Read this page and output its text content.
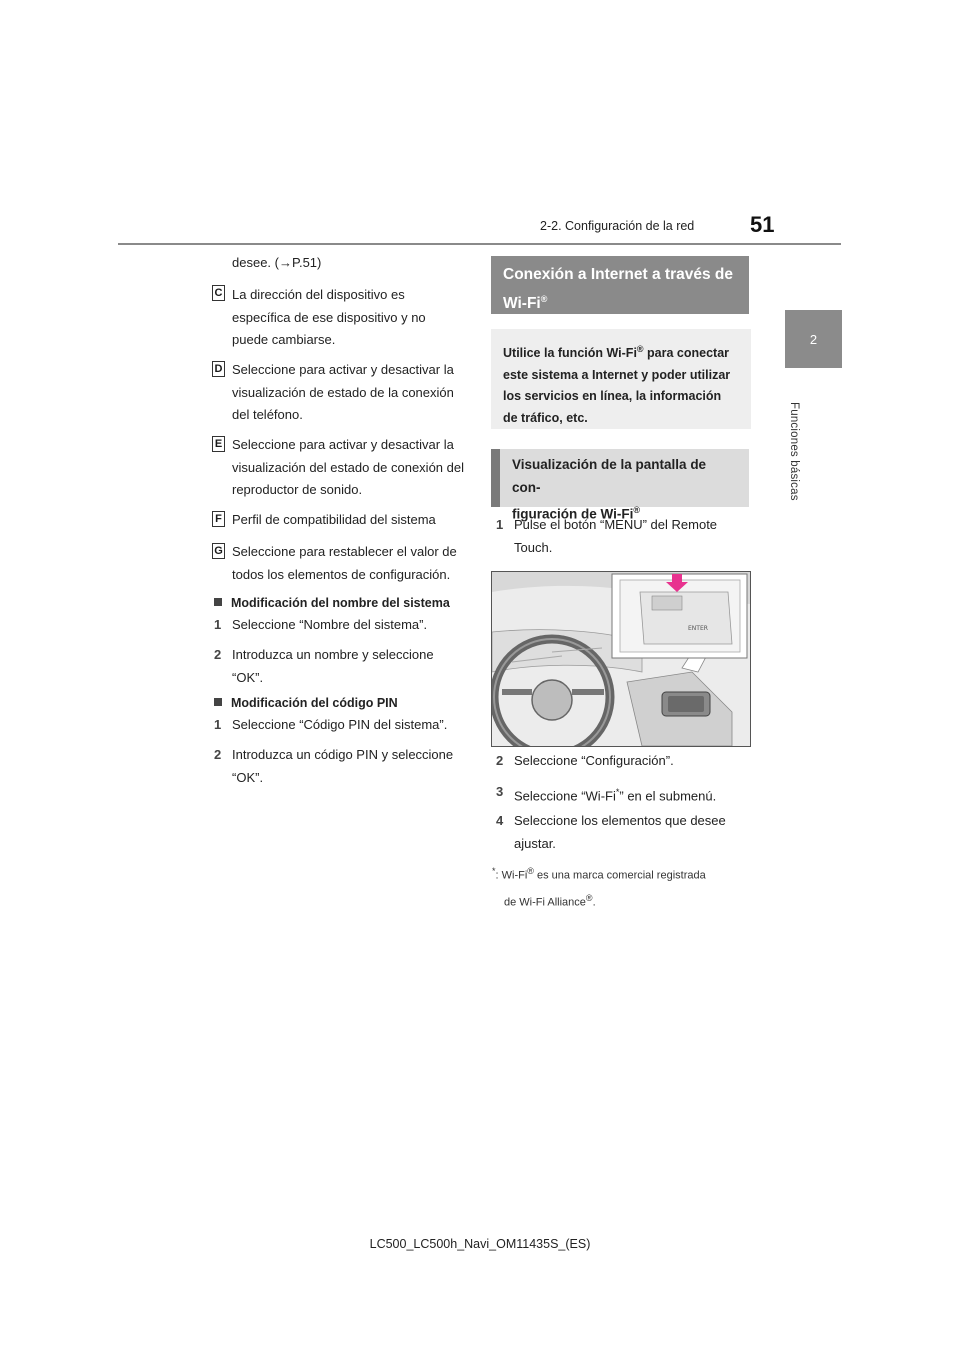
2-2. Configuración de la red	51
2
Funciones básicas
desee. (→P.51)
C La dirección del dispositivo es específica de ese dispositivo y no puede cambiarse.
D Seleccione para activar y desactivar la visualización de estado de la conexión del teléfono.
E Seleccione para activar y desactivar la visualización del estado de conexión del reproductor de sonido.
F Perfil de compatibilidad del sistema
G Seleccione para restablecer el valor de todos los elementos de configuración.
Modificación del nombre del sistema
1 Seleccione “Nombre del sistema”.
2 Introduzca un nombre y seleccione “OK”.
Modificación del código PIN
1 Seleccione “Código PIN del sistema”.
2 Introduzca un código PIN y seleccione “OK”.
Conexión a Internet a través de
Wi-Fi®
Utilice la función Wi-Fi® para conectar este sistema a Internet y poder utilizar los servicios en línea, la información de tráfico, etc.
Visualización de la pantalla de con-
figuración de Wi-Fi®
1 Pulse el botón “MENU” del Remote Touch.
ENTER
2 Seleccione “Configuración”.
3 Seleccione “Wi-Fi*” en el submenú.
4 Seleccione los elementos que desee ajustar.
*: Wi-Fi® es una marca comercial registrada
de Wi-Fi Alliance®.
LC500_LC500h_Navi_OM11435S_(ES)
